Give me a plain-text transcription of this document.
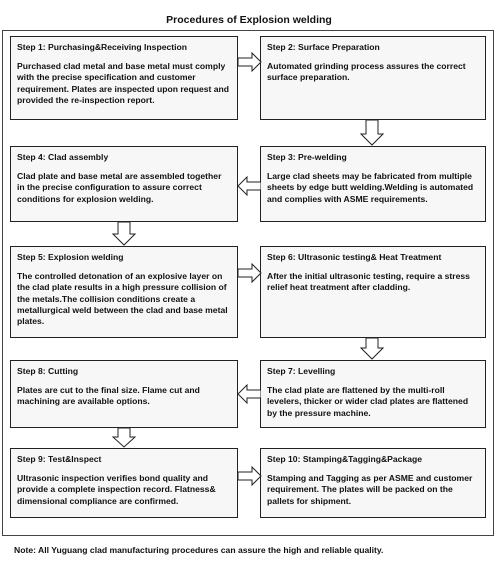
Procedures of Explosion welding
Step 1: Purchasing&Receiving Inspection
Purchased clad metal and base metal must comply with the precise specification and customer requirement. Plates are inspected upon request and provided the re-inspection report.
Step 2: Surface Preparation
Automated grinding process assures the correct surface preparation.
Step 4: Clad assembly
Clad plate and base metal are assembled together in the precise configuration to assure correct conditions for explosion welding.
Step 3: Pre-welding
Large clad sheets may be fabricated from multiple sheets by edge butt welding.Welding is automated and complies with ASME requirements.
Step 5: Explosion welding
The controlled detonation of an explosive layer on the clad plate results in a high pressure collision of the metals.The collision conditions create a metallurgical weld between the clad and base metal plates.
Step 6: Ultrasonic testing& Heat Treatment
After the initial ultrasonic testing, require a stress relief heat treatment after cladding.
Step 8: Cutting
Plates are cut to the final size. Flame cut and machining are available options.
Step 7: Levelling
The clad plate are flattened by the multi-roll levelers, thicker or wider clad plates are flattened by the pressure machine.
Step 9: Test&Inspect
Ultrasonic inspection verifies bond quality and provide a complete inspection record. Flatness& dimensional compliance are confirmed.
Step 10: Stamping&Tagging&Package
Stamping and Tagging as per ASME and customer requirement. The plates will be packed on the pallets for shipment.
Note: All Yuguang clad manufacturing procedures can assure the high and reliable quality.
